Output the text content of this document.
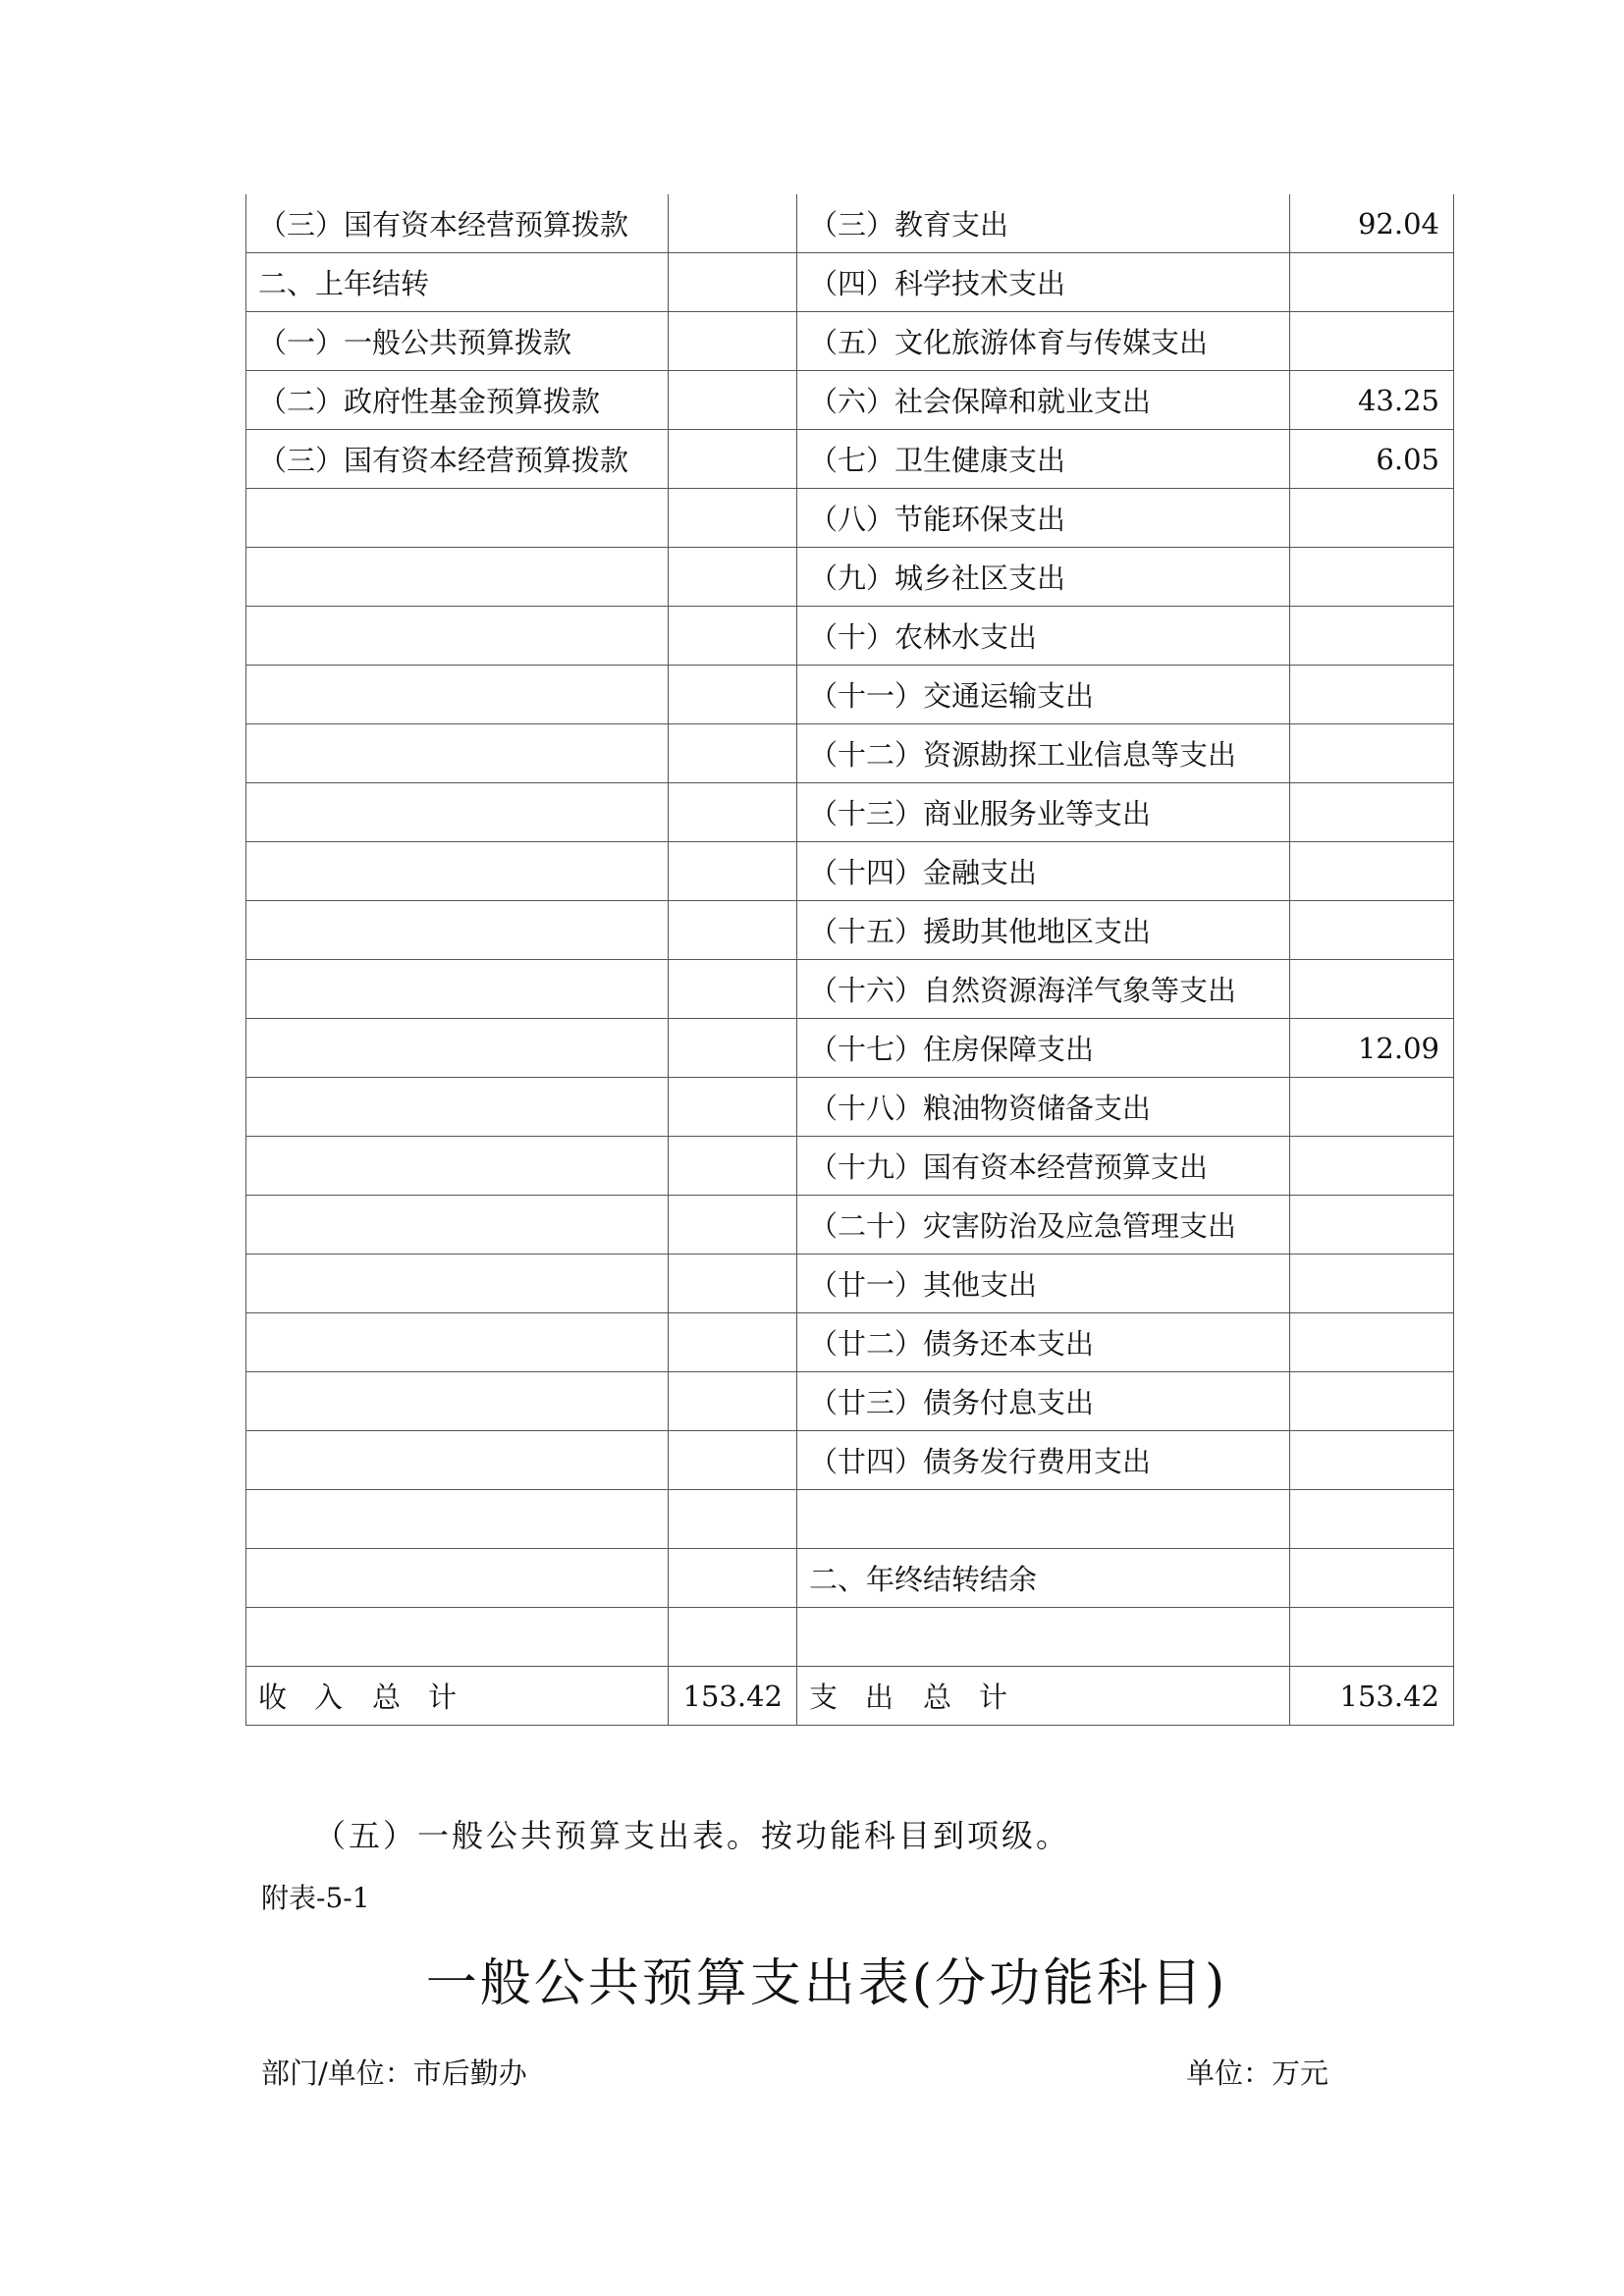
（三）国有资本经营预算拨款		（三）教育支出	92.04
二、上年结转		（四）科学技术支出	
（一）一般公共预算拨款		（五）文化旅游体育与传媒支出	
（二）政府性基金预算拨款		（六）社会保障和就业支出	43.25
（三）国有资本经营预算拨款		（七）卫生健康支出	6.05
		（八）节能环保支出	
		（九）城乡社区支出	
		（十）农林水支出	
		（十一）交通运输支出	
		（十二）资源勘探工业信息等支出	
		（十三）商业服务业等支出	
		（十四）金融支出	
		（十五）援助其他地区支出	
		（十六）自然资源海洋气象等支出	
		（十七）住房保障支出	12.09
		（十八）粮油物资储备支出	
		（十九）国有资本经营预算支出	
		（二十）灾害防治及应急管理支出	
		（廿一）其他支出	
		（廿二）债务还本支出	
		（廿三）债务付息支出	
		（廿四）债务发行费用支出	

		二、年终结转结余	

收 入 总 计	153.42	支 出 总 计	153.42
（五）一般公共预算支出表。按功能科目到项级。
附表-5-1
一般公共预算支出表(分功能科目)
部门/单位：市后勤办	单位：万元
